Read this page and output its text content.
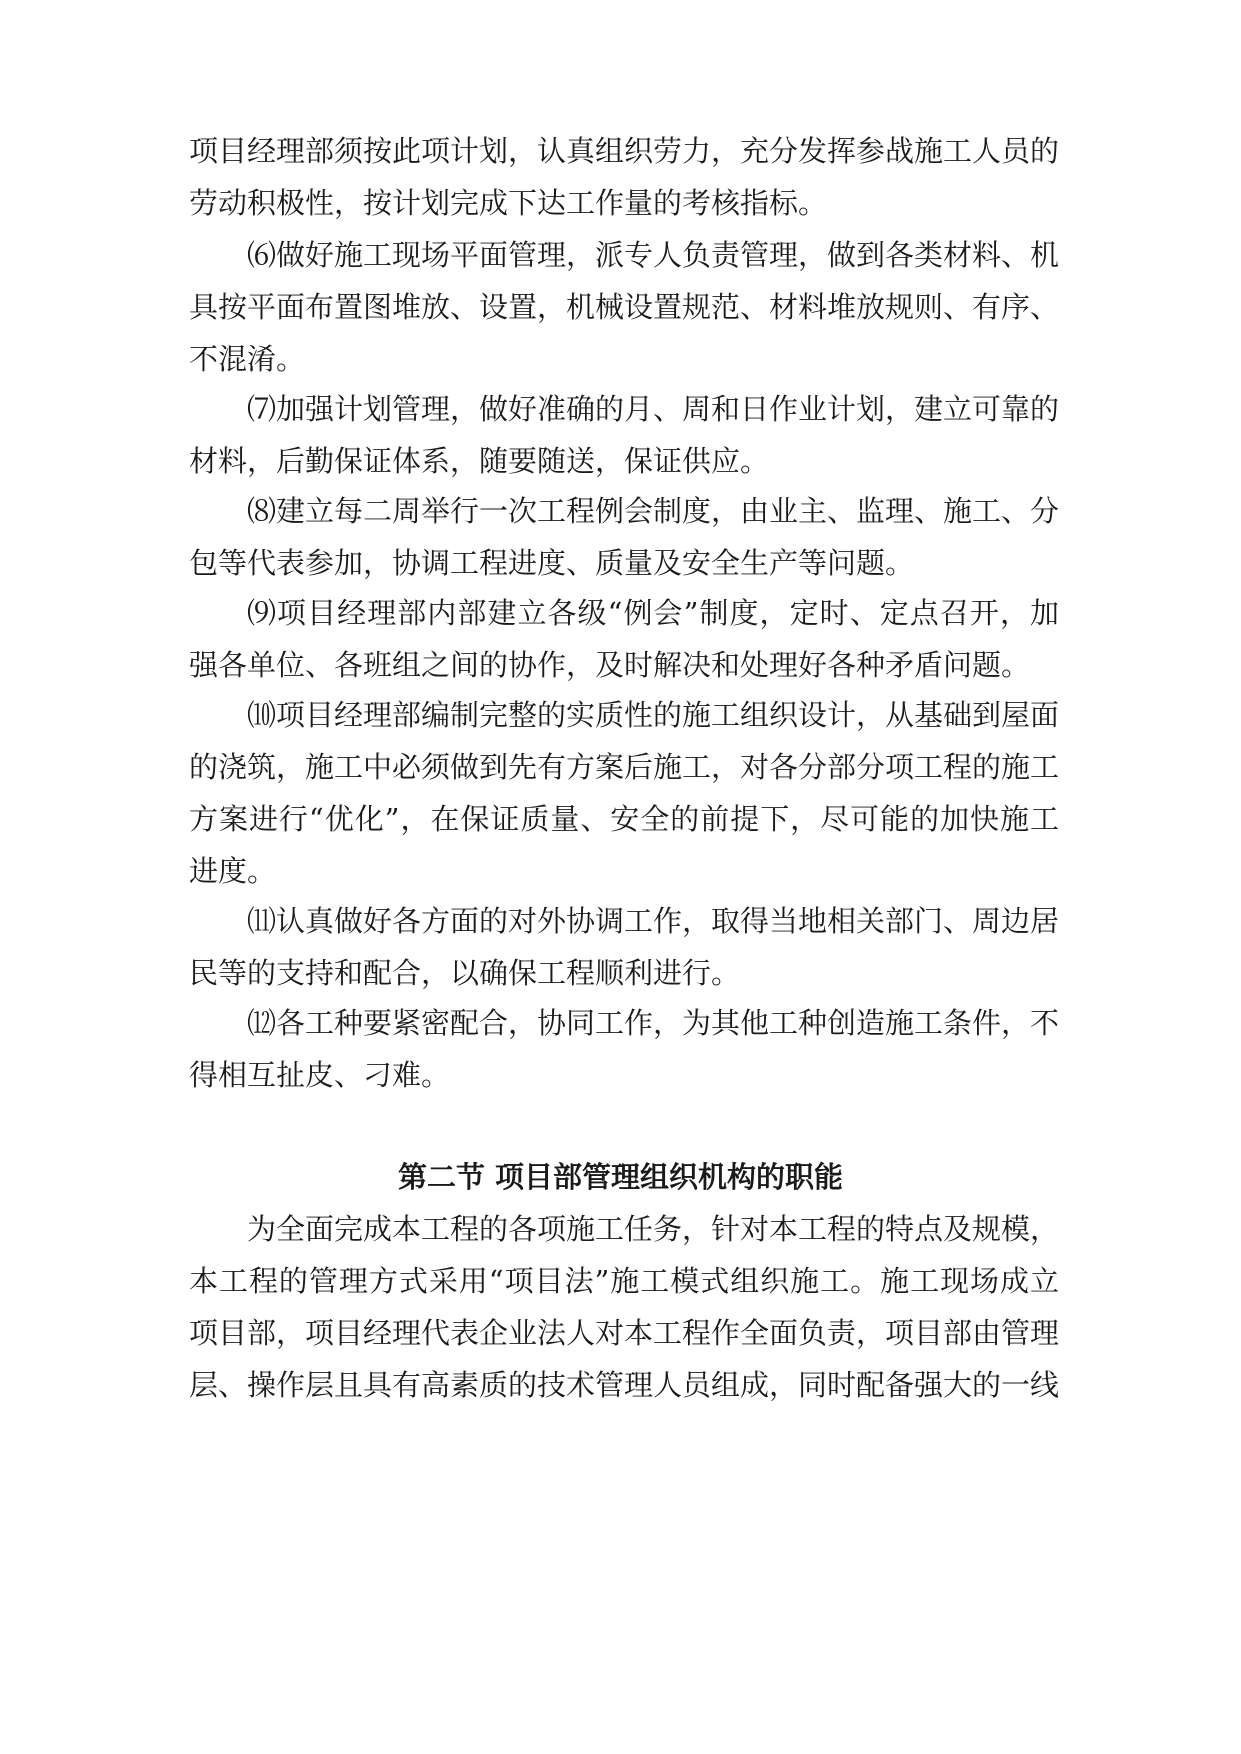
项目经理部须按此项计划，认真组织劳力，充分发挥参战施工人员的
劳动积极性，按计划完成下达工作量的考核指标。
⑹做好施工现场平面管理，派专人负责管理，做到各类材料、机
具按平面布置图堆放、设置，机械设置规范、材料堆放规则、有序、
不混淆。
⑺加强计划管理，做好准确的月、周和日作业计划，建立可靠的
材料，后勤保证体系，随要随送，保证供应。
⑻建立每二周举行一次工程例会制度，由业主、监理、施工、分
包等代表参加，协调工程进度、质量及安全生产等问题。
⑼项目经理部内部建立各级“例会”制度，定时、定点召开，加
强各单位、各班组之间的协作，及时解决和处理好各种矛盾问题。
⑽项目经理部编制完整的实质性的施工组织设计，从基础到屋面
的浇筑，施工中必须做到先有方案后施工，对各分部分项工程的施工
方案进行“优化”，在保证质量、安全的前提下，尽可能的加快施工
进度。
⑾认真做好各方面的对外协调工作，取得当地相关部门、周边居
民等的支持和配合，以确保工程顺利进行。
⑿各工种要紧密配合，协同工作，为其他工种创造施工条件，不
得相互扯皮、刁难。
第二节 项目部管理组织机构的职能
为全面完成本工程的各项施工任务，针对本工程的特点及规模，
本工程的管理方式采用“项目法”施工模式组织施工。施工现场成立
项目部，项目经理代表企业法人对本工程作全面负责，项目部由管理
层、操作层且具有高素质的技术管理人员组成，同时配备强大的一线
